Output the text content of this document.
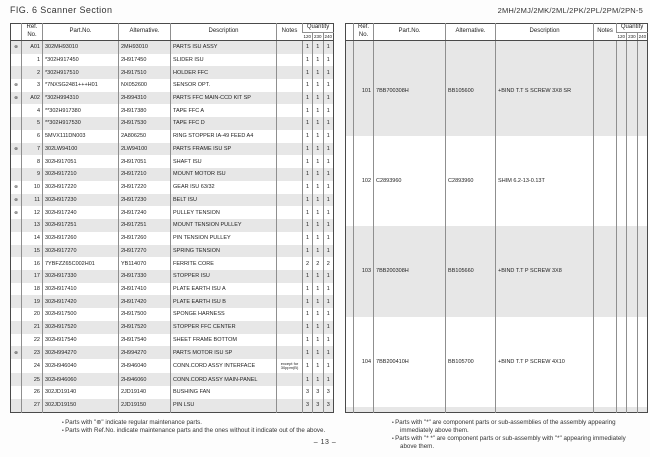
FIG. 6 Scanner Section	2MH/2MJ/2MK/2ML/2PK/2PL/2PM/2PN-5
	Ref.
No.	Part.No.	Alternative.	Description	Notes	Quantity		
						120	230	240
⊛	A01	302MH93010	2MH93010	PARTS ISU ASSY		1	1	1
	1	*302H917450	2H917450	SLIDER ISU		1	1	1
	2	*302H917510	2H917510	HOLDER FFC		1	1	1
⊛	3	*7NXSG2481+++H01	NX052600	SENSOR OPT.		1	1	1
⊛	A02	*302H994310	2H994310	PARTS FFC MAIN-CCD KIT SP		1	1	1
	4	**302H917380	2H917380	TAPE FFC A		1	1	1
	5	**302H917530	2H917530	TAPE FFC D		1	1	1
	6	5MVX111DN003	2A806250	RING STOPPER IA-49 FEED A4		1	1	1
⊛	7	302LW94100	2LW94100	PARTS FRAME ISU SP		1	1	1
	8	302H917051	2H917051	SHAFT ISU		1	1	1
	9	302H917210	2H917210	MOUNT MOTOR ISU		1	1	1
⊛	10	302H917220	2H917220	GEAR ISU 63/32		1	1	1
⊛	11	302H917230	2H917230	BELT ISU		1	1	1
⊛	12	302H917240	2H917240	PULLEY TENSION		1	1	1
	13	302H917251	2H917251	MOUNT TENSION PULLEY		1	1	1
	14	302H917260	2H917260	PIN TENSION PULLEY		1	1	1
	15	302H917270	2H917270	SPRING TENSION		1	1	1
	16	7YBFZZ65C002H01	YB114070	FERRITE CORE		2	2	2
	17	302H917330	2H917330	STOPPER ISU		1	1	1
	18	302H917410	2H917410	PLATE EARTH ISU A		1	1	1
	19	302H917420	2H917420	PLATE EARTH ISU B		1	1	1
	20	302H917500	2H917500	SPONGE HARNESS		1	1	1
	21	302H917520	2H917520	STOPPER FFC CENTER		1	1	1
	22	302H917540	2H917540	SHEET FRAME BOTTOM		1	1	1
⊛	23	302H994270	2H994270	PARTS MOTOR ISU SP		1	1	1
	24	302H946040	2H946040	CONN.CORD ASSY INTERFACE	except for 30ppm(B)	1	1	1
	25	302H946060	2H946060	CONN.CORD ASSY MAIN-PANEL		1	1	1
	26	302JD19140	2JD19140	BUSHING FAN		3	3	3
	27	302JD19150	2JD19150	PIN LSU		3	3	3

	Ref.
No.	Part.No.	Alternative.	Description	Notes	Quantity		
						120	230	240

	101	7BB700308H	BB105600	+BIND T.T S SCREW 3X8 SR				
	102	C2893960	C2893960	SHIM 6.2-13-0.13T				
	103	7BB200308H	BB105660	+BIND T.T P SCREW 3X8				
	104	7BB200410H	BB105700	+BIND T.T P SCREW 4X10				

• Parts with "⊛" indicate regular maintenance parts.
• Parts with Ref.No. indicate maintenance parts and the ones without it indicate out of the above.
• Parts with "*" are component parts or sub-assemblies of the assembly appearing immediately above them.
• Parts with "* *" are component parts or sub-assembly with "*" appearing immediately above them.
– 13 –
